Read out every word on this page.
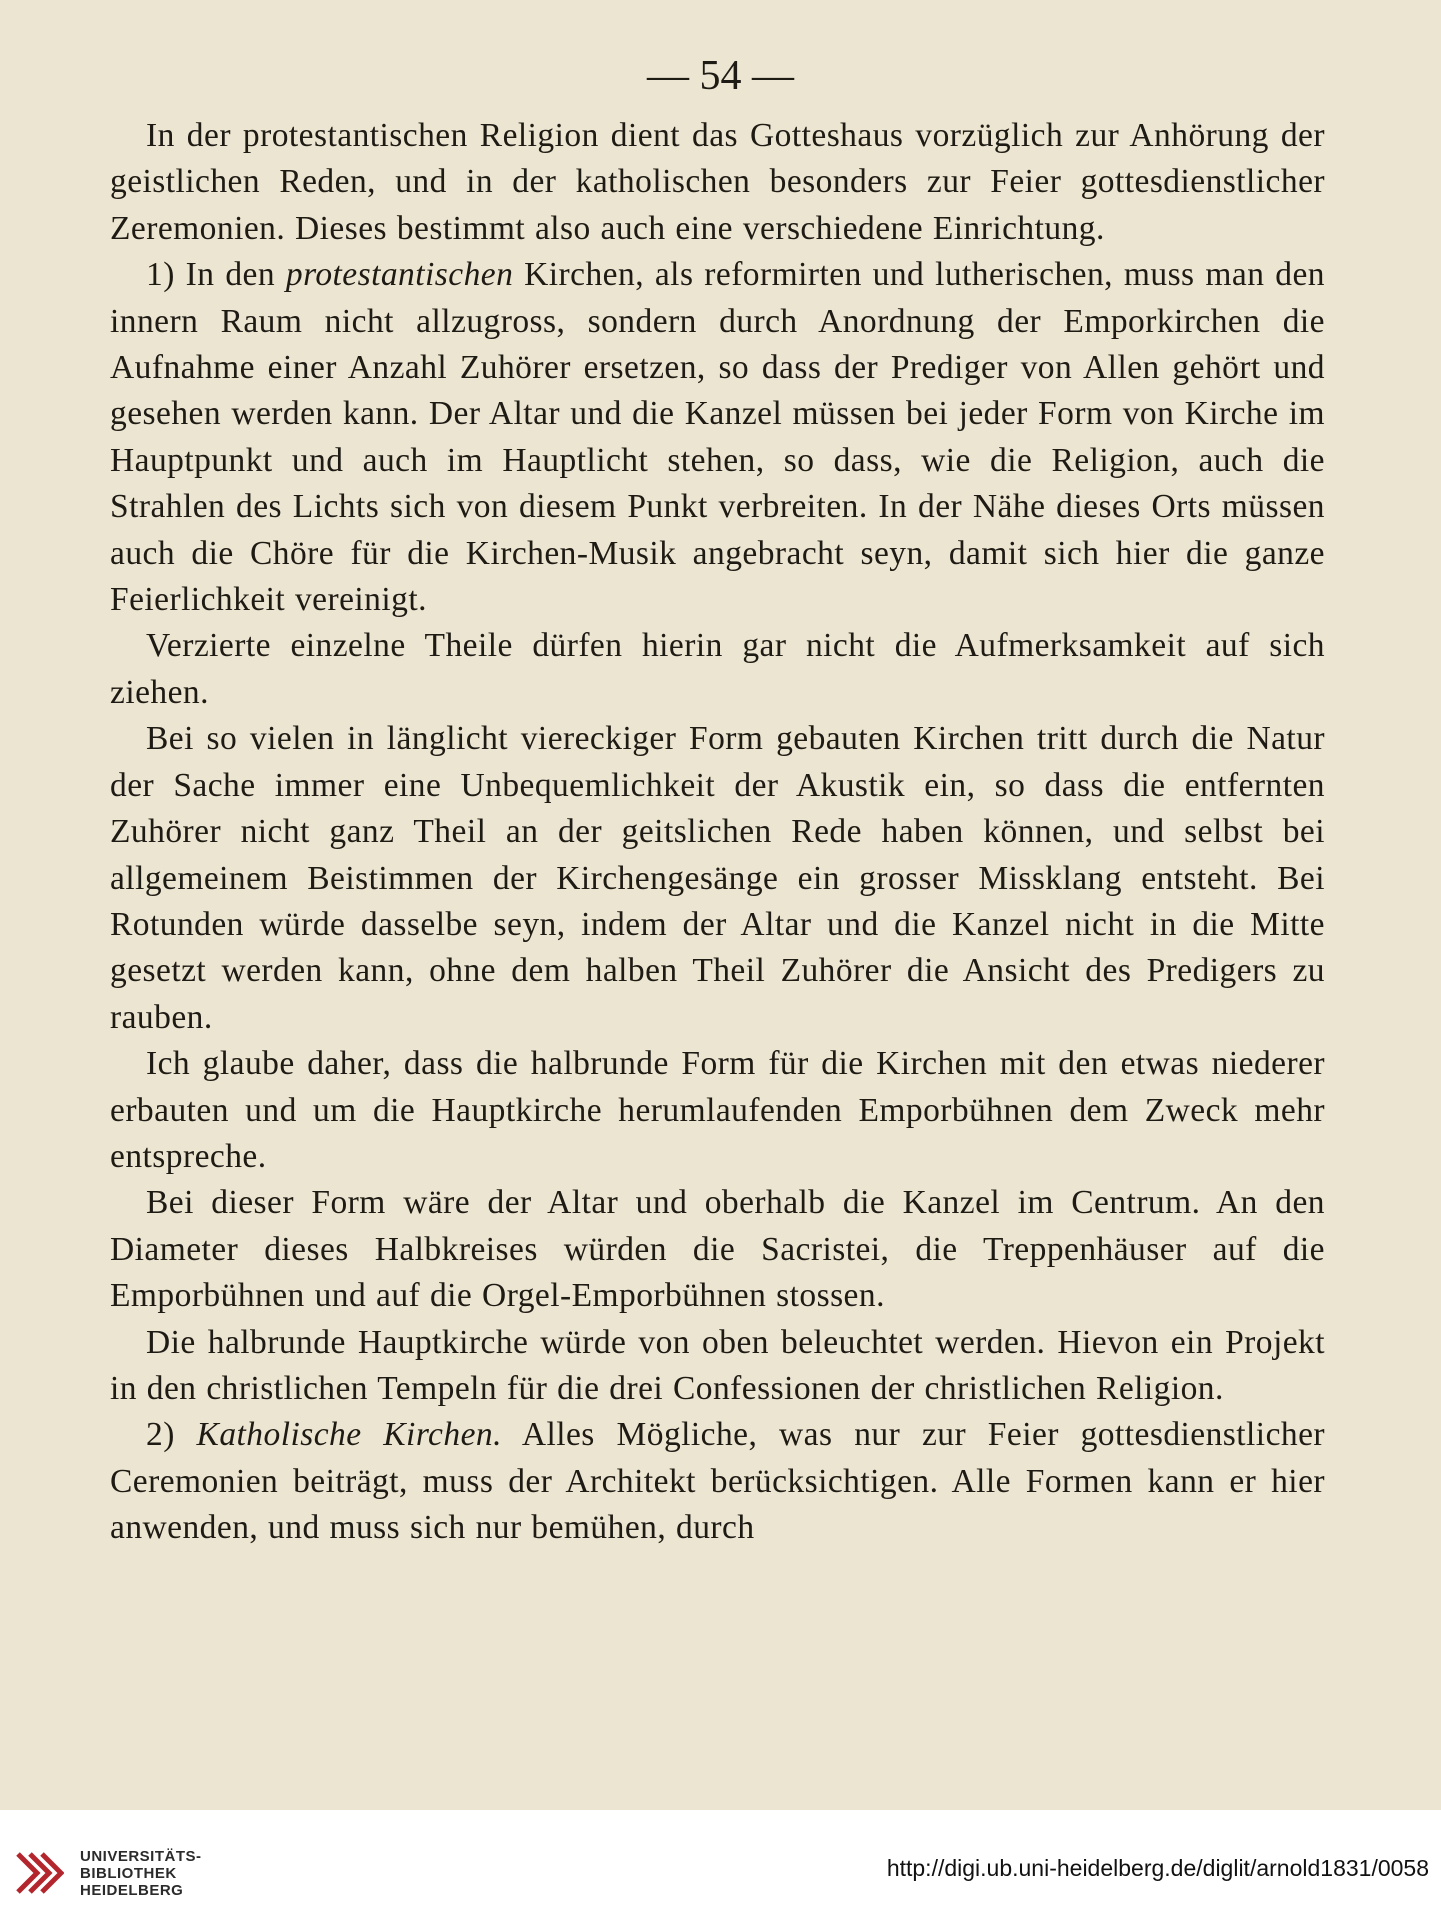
— 54 —

In der protestantischen Religion dient das Gotteshaus vorzüglich zur Anhörung der geistlichen Reden, und in der katholischen besonders zur Feier gottesdienstlicher Zeremonien. Dieses bestimmt also auch eine verschiedene Einrichtung.

1) In den protestantischen Kirchen, als reformirten und lutherischen, muss man den innern Raum nicht allzugross, sondern durch Anordnung der Emporkirchen die Aufnahme einer Anzahl Zuhörer ersetzen, so dass der Prediger von Allen gehört und gesehen werden kann. Der Altar und die Kanzel müssen bei jeder Form von Kirche im Hauptpunkt und auch im Hauptlicht stehen, so dass, wie die Religion, auch die Strahlen des Lichts sich von diesem Punkt verbreiten. In der Nähe dieses Orts müssen auch die Chöre für die Kirchen-Musik angebracht seyn, damit sich hier die ganze Feierlichkeit vereinigt.

Verzierte einzelne Theile dürfen hierin gar nicht die Aufmerksamkeit auf sich ziehen.

Bei so vielen in länglicht viereckiger Form gebauten Kirchen tritt durch die Natur der Sache immer eine Unbequemlichkeit der Akustik ein, so dass die entfernten Zuhörer nicht ganz Theil an der geitslichen Rede haben können, und selbst bei allgemeinem Beistimmen der Kirchengesänge ein grosser Missklang entsteht. Bei Rotunden würde dasselbe seyn, indem der Altar und die Kanzel nicht in die Mitte gesetzt werden kann, ohne dem halben Theil Zuhörer die Ansicht des Predigers zu rauben.

Ich glaube daher, dass die halbrunde Form für die Kirchen mit den etwas niederer erbauten und um die Hauptkirche herumlaufenden Emporbühnen dem Zweck mehr entspreche.

Bei dieser Form wäre der Altar und oberhalb die Kanzel im Centrum. An den Diameter dieses Halbkreises würden die Sacristei, die Treppenhäuser auf die Emporbühnen und auf die Orgel-Emporbühnen stossen.

Die halbrunde Hauptkirche würde von oben beleuchtet werden. Hievon ein Projekt in den christlichen Tempeln für die drei Confessionen der christlichen Religion.

2) Katholische Kirchen. Alles Mögliche, was nur zur Feier gottesdienstlicher Ceremonien beiträgt, muss der Architekt berücksichtigen. Alle Formen kann er hier anwenden, und muss sich nur bemühen, durch

UNIVERSITÄTS-
BIBLIOTHEK
HEIDELBERG
http://digi.ub.uni-heidelberg.de/diglit/arnold1831/0058
